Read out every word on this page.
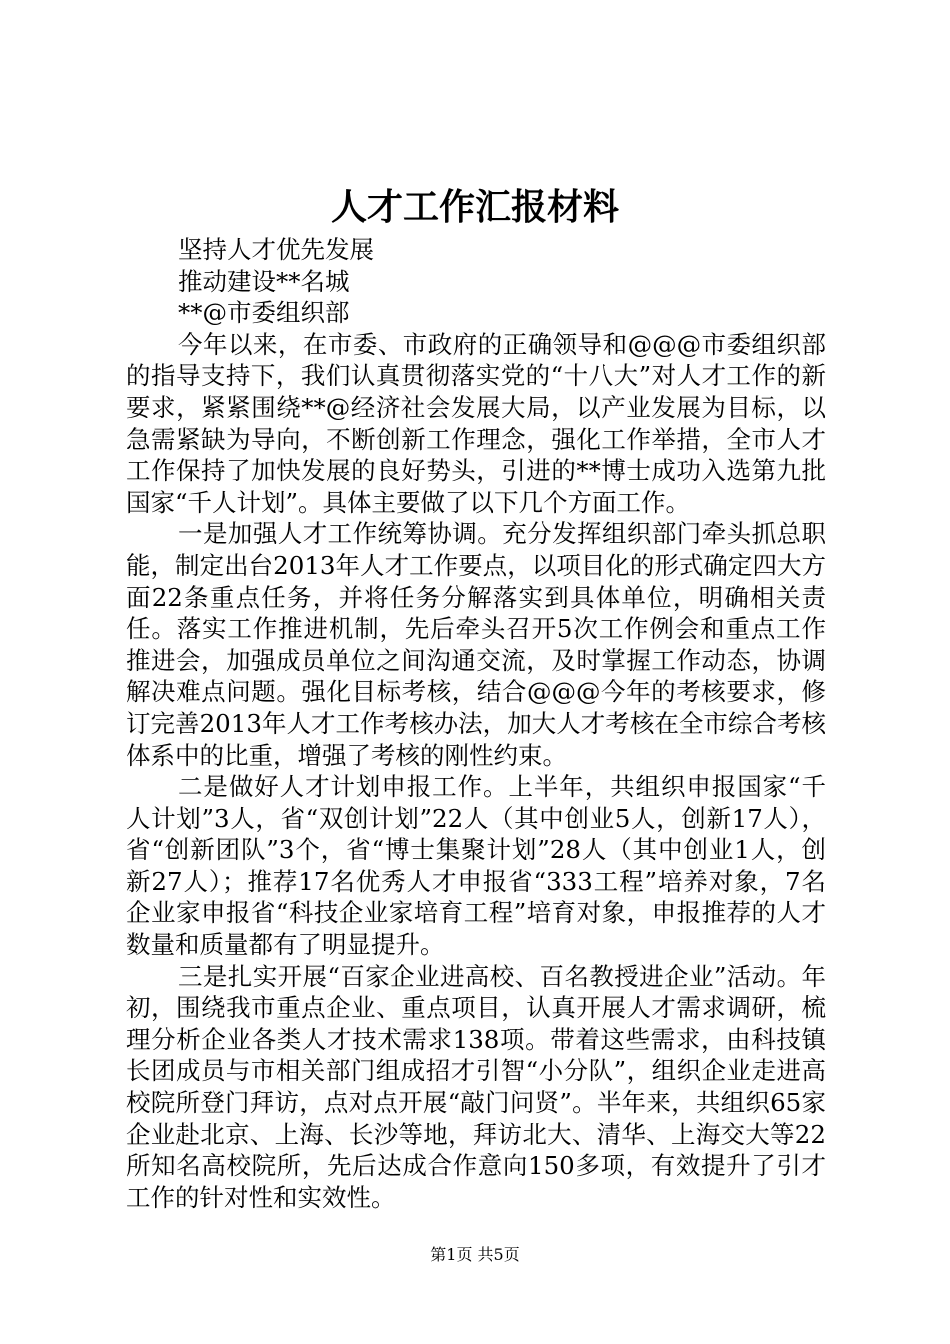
人才工作汇报材料

坚持人才优先发展

推动建设**名城

**@市委组织部

今年以来，在市委、市政府的正确领导和@@@市委组织部的指导支持下，我们认真贯彻落实党的“十八大”对人才工作的新要求，紧紧围绕**@经济社会发展大局，以产业发展为目标，以急需紧缺为导向，不断创新工作理念，强化工作举措，全市人才工作保持了加快发展的良好势头，引进的**博士成功入选第九批国家“千人计划”。具体主要做了以下几个方面工作。

一是加强人才工作统筹协调。充分发挥组织部门牵头抓总职能，制定出台2013年人才工作要点，以项目化的形式确定四大方面22条重点任务，并将任务分解落实到具体单位，明确相关责任。落实工作推进机制，先后牵头召开5次工作例会和重点工作推进会，加强成员单位之间沟通交流，及时掌握工作动态，协调解决难点问题。强化目标考核，结合@@@今年的考核要求，修订完善2013年人才工作考核办法，加大人才考核在全市综合考核体系中的比重，增强了考核的刚性约束。

二是做好人才计划申报工作。上半年，共组织申报国家“千人计划”3人，省“双创计划”22人（其中创业5人，创新17人），省“创新团队”3个，省“博士集聚计划”28人（其中创业1人，创新27人）；推荐17名优秀人才申报省“333工程”培养对象，7名企业家申报省“科技企业家培育工程”培育对象，申报推荐的人才数量和质量都有了明显提升。

三是扎实开展“百家企业进高校、百名教授进企业”活动。年初，围绕我市重点企业、重点项目，认真开展人才需求调研，梳理分析企业各类人才技术需求138项。带着这些需求，由科技镇长团成员与市相关部门组成招才引智“小分队”，组织企业走进高校院所登门拜访，点对点开展“敲门问贤”。半年来，共组织65家企业赴北京、上海、长沙等地，拜访北大、清华、上海交大等22所知名高校院所，先后达成合作意向150多项，有效提升了引才工作的针对性和实效性。

第1页 共5页
